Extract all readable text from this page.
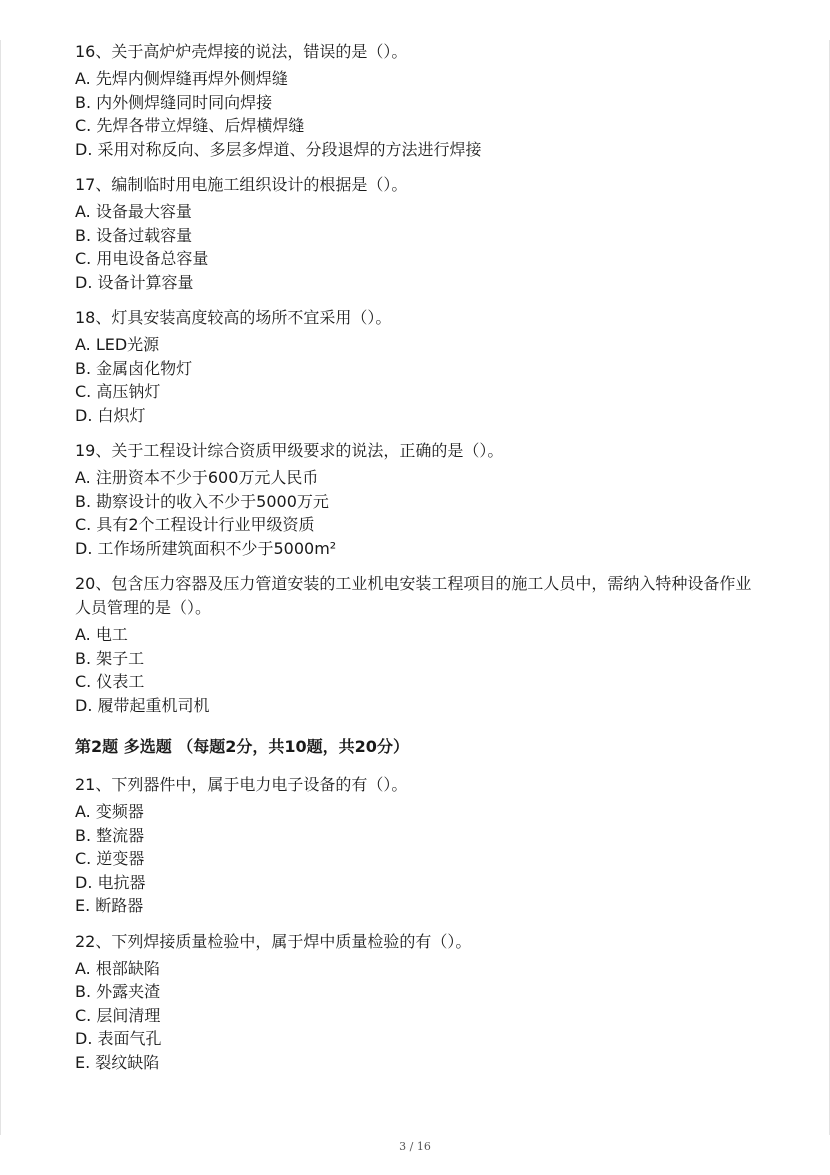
16、关于高炉炉壳焊接的说法，错误的是（）。
A. 先焊内侧焊缝再焊外侧焊缝
B. 内外侧焊缝同时同向焊接
C. 先焊各带立焊缝、后焊横焊缝
D. 采用对称反向、多层多焊道、分段退焊的方法进行焊接
17、编制临时用电施工组织设计的根据是（）。
A. 设备最大容量
B. 设备过载容量
C. 用电设备总容量
D. 设备计算容量
18、灯具安装高度较高的场所不宜采用（）。
A. LED光源
B. 金属卤化物灯
C. 高压钠灯
D. 白炽灯
19、关于工程设计综合资质甲级要求的说法，正确的是（）。
A. 注册资本不少于600万元人民币
B. 勘察设计的收入不少于5000万元
C. 具有2个工程设计行业甲级资质
D. 工作场所建筑面积不少于5000m²
20、包含压力容器及压力管道安装的工业机电安装工程项目的施工人员中，需纳入特种设备作业人员管理的是（）。
A. 电工
B. 架子工
C. 仪表工
D. 履带起重机司机
第2题 多选题 （每题2分，共10题，共20分）
21、下列器件中，属于电力电子设备的有（）。
A. 变频器
B. 整流器
C. 逆变器
D. 电抗器
E. 断路器
22、下列焊接质量检验中，属于焊中质量检验的有（）。
A. 根部缺陷
B. 外露夹渣
C. 层间清理
D. 表面气孔
E. 裂纹缺陷
3 / 16
